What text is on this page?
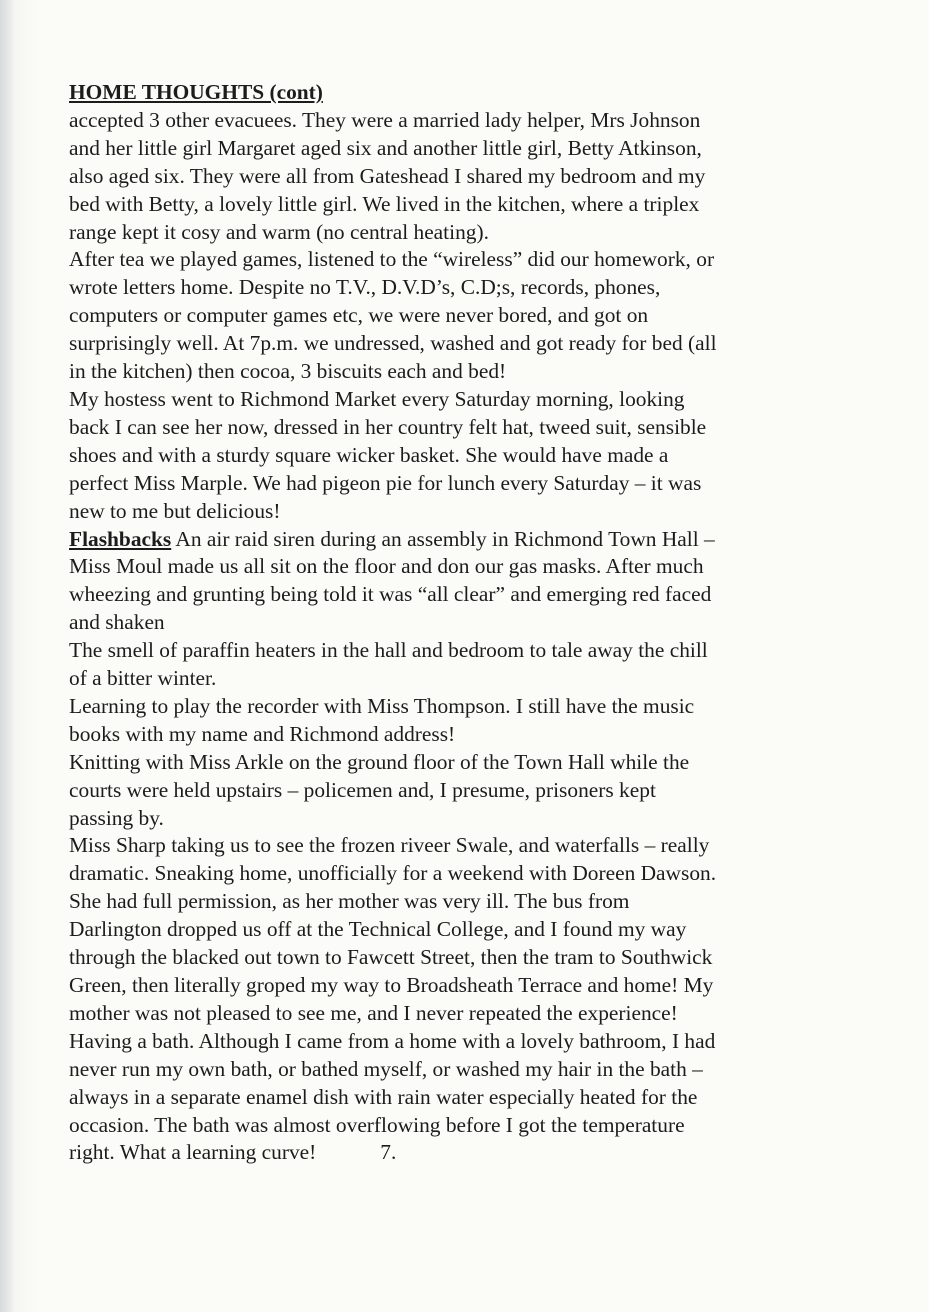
HOME THOUGHTS (cont)
accepted 3 other evacuees. They were a married lady helper, Mrs Johnson
and her little girl Margaret aged six and another little girl, Betty Atkinson,
also aged six. They were all from Gateshead I shared my bedroom and my
bed with Betty, a lovely little girl. We lived in the kitchen, where a triplex
range kept it cosy and warm (no central heating).
After tea we played games, listened to the “wireless” did our homework, or
wrote letters home. Despite no T.V., D.V.D’s, C.D;s, records, phones,
computers or computer games etc, we were never bored, and got on
surprisingly well. At 7p.m. we undressed, washed and got ready for bed (all
in the kitchen) then cocoa, 3 biscuits each and bed!
My hostess went to Richmond Market every Saturday morning, looking
back I can see her now, dressed in her country felt hat, tweed suit, sensible
shoes and with a sturdy square wicker basket. She would have made a
perfect Miss Marple. We had pigeon pie for lunch every Saturday – it was
new to me but delicious!
Flashbacks An air raid siren during an assembly in Richmond Town Hall –
Miss Moul made us all sit on the floor and don our gas masks. After much
wheezing and grunting being told it was “all clear” and emerging red faced
and shaken
The smell of paraffin heaters in the hall and bedroom to tale away the chill
of a bitter winter.
Learning to play the recorder with Miss Thompson. I still have the music
books with my name and Richmond address!
Knitting with Miss Arkle on the ground floor of the Town Hall while the
courts were held upstairs – policemen and, I presume, prisoners kept
passing by.
Miss Sharp taking us to see the frozen riveer Swale, and waterfalls – really
dramatic. Sneaking home, unofficially for a weekend with Doreen Dawson.
She had full permission, as her mother was very ill. The bus from
Darlington dropped us off at the Technical College, and I found my way
through the blacked out town to Fawcett Street, then the tram to Southwick
Green, then literally groped my way to Broadsheath Terrace and home! My
mother was not pleased to see me, and I never repeated the experience!
Having a bath. Although I came from a home with a lovely bathroom, I had
never run my own bath, or bathed myself, or washed my hair in the bath –
always in a separate enamel dish with rain water especially heated for the
occasion. The bath was almost overflowing before I got the temperature
right. What a learning curve!	7.
